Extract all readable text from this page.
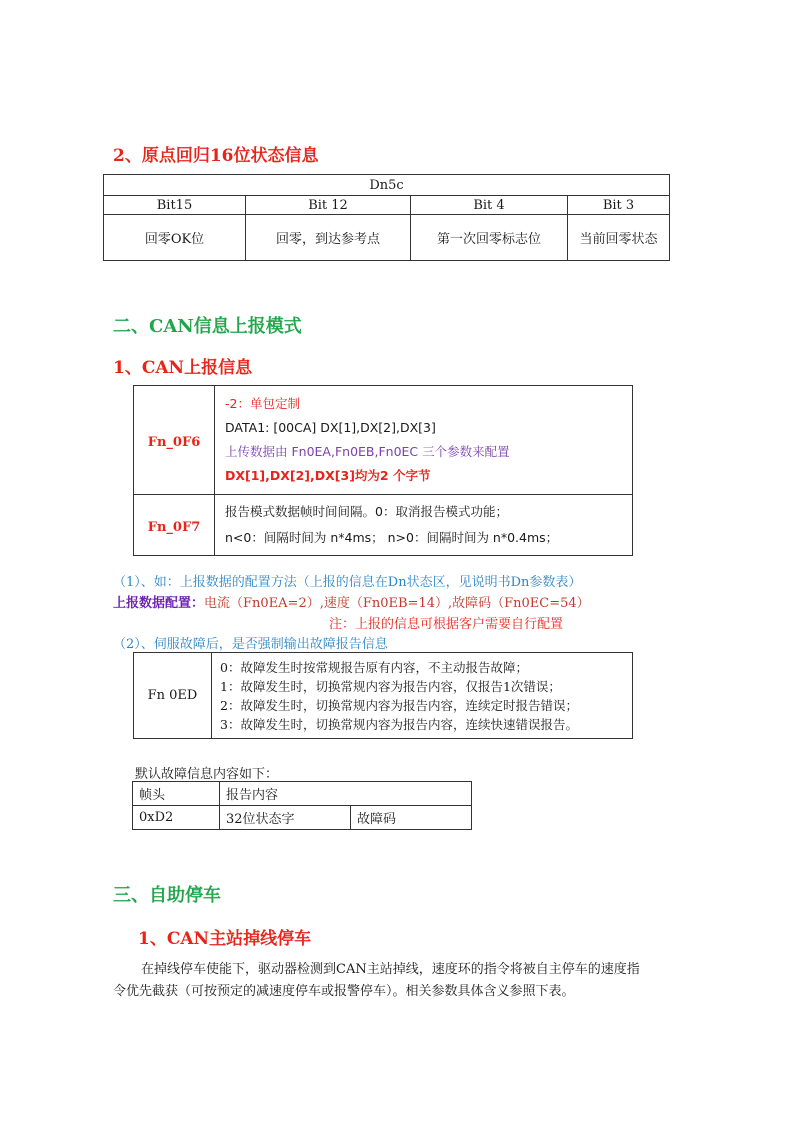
2、原点回归16位状态信息
Dn5c			
Bit15	Bit 12	Bit 4	Bit 3
回零OK位	回零，到达参考点	第一次回零标志位	当前回零状态
二、CAN信息上报模式
1、CAN上报信息
Fn_0F6	-2：单包定制
DATA1: [00CA] DX[1],DX[2],DX[3]
上传数据由 Fn0EA,Fn0EB,Fn0EC 三个参数来配置
DX[1],DX[2],DX[3]均为2 个字节

Fn_0F7	报告模式数据帧时间间隔。0：取消报告模式功能；
n<0：间隔时间为 n*4ms； n>0：间隔时间为 n*0.4ms；
（1）、如：上报数据的配置方法（上报的信息在Dn状态区，见说明书Dn参数表）
上报数据配置：电流（Fn0EA=2）,速度（Fn0EB=14）,故障码（Fn0EC=54）
注：上报的信息可根据客户需要自行配置
（2）、伺服故障后，是否强制输出故障报告信息
Fn 0ED	
0：故障发生时按常规报告原有内容，不主动报告故障；
1：故障发生时，切换常规内容为报告内容，仅报告1次错误；
2：故障发生时，切换常规内容为报告内容，连续定时报告错误；
3：故障发生时，切换常规内容为报告内容，连续快速错误报告。
默认故障信息内容如下：
帧头	报告内容	
0xD2	32位状态字	故障码
三、自助停车
1、CAN主站掉线停车
在掉线停车使能下，驱动器检测到CAN主站掉线，速度环的指令将被自主停车的速度指
令优先截获（可按预定的减速度停车或报警停车）。相关参数具体含义参照下表。
